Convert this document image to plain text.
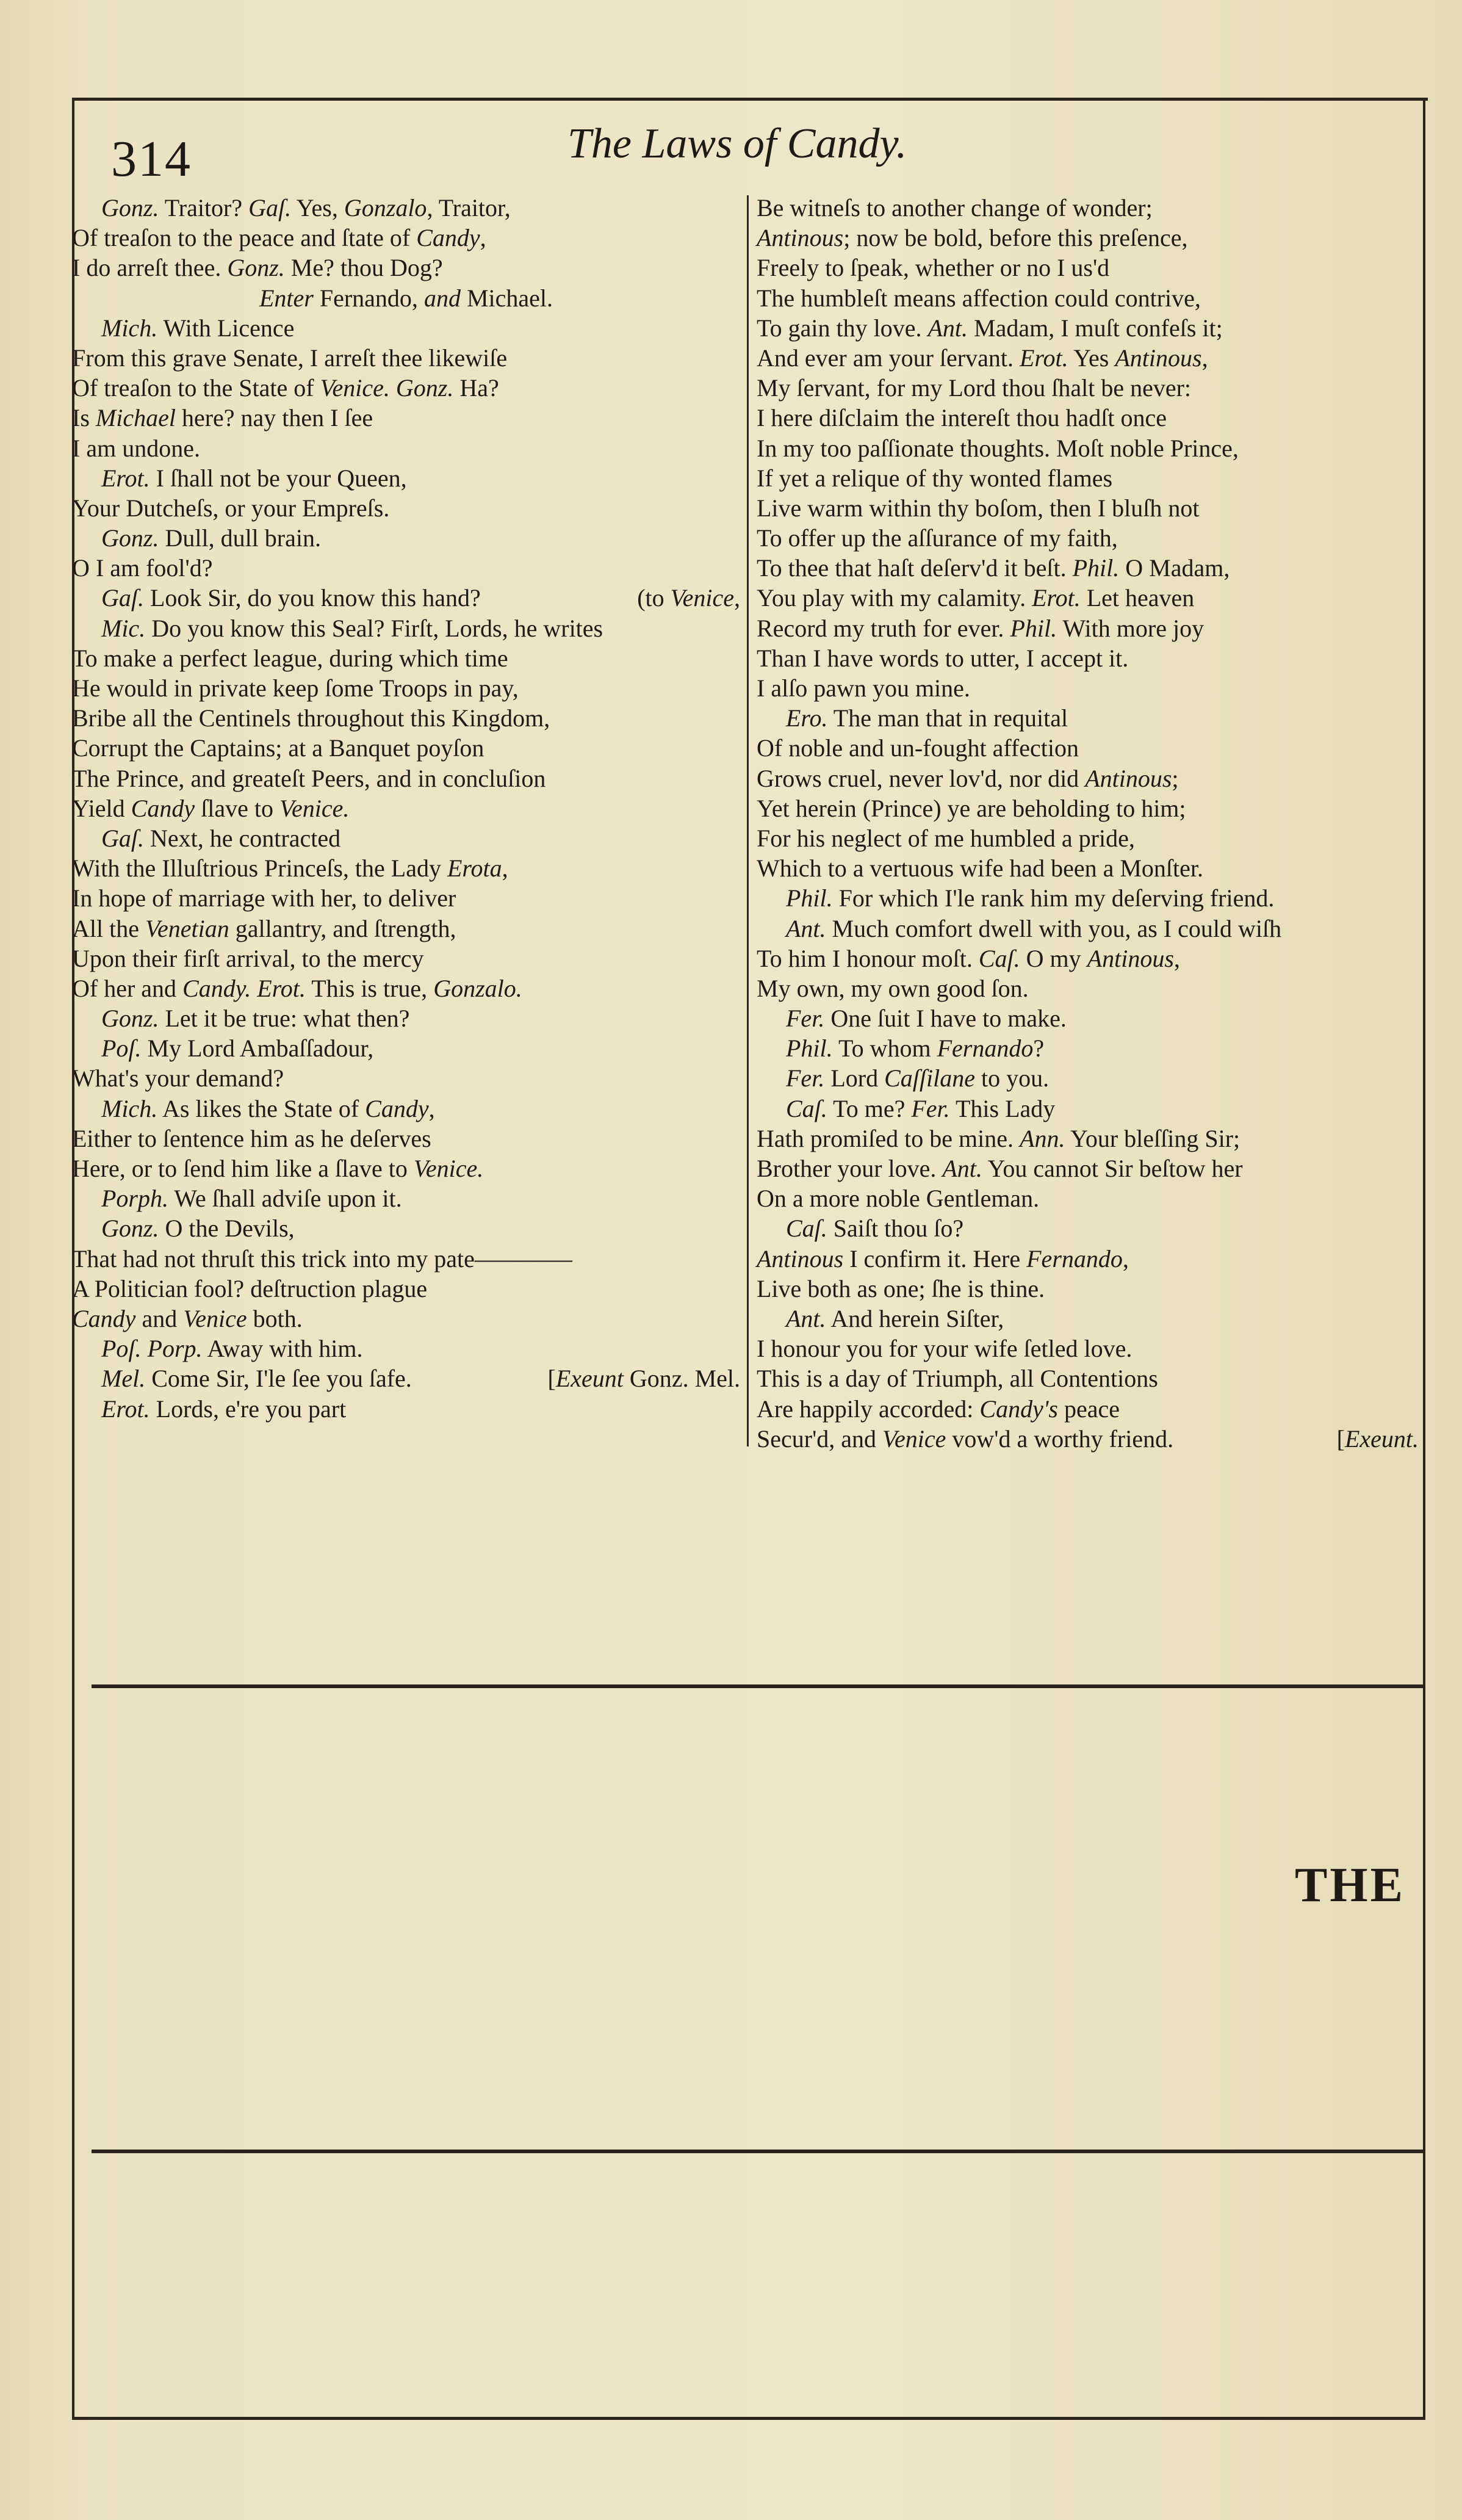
314	The Laws of Candy.
Gonz. Traitor? Gaſ. Yes, Gonzalo, Traitor,
Of treaſon to the peace and ſtate of Candy,
I do arreſt thee. Gonz. Me? thou Dog?
Enter Fernando, and Michael.
Mich. With Licence
From this grave Senate, I arreſt thee likewiſe
Of treaſon to the State of Venice. Gonz. Ha?
Is Michael here? nay then I ſee
I am undone.
Erot. I ſhall not be your Queen,
Your Dutcheſs, or your Empreſs.
Gonz. Dull, dull brain.
O I am fool'd?
Gaſ. Look Sir, do you know this hand?	(to Venice,
Mic. Do you know this Seal? Firſt, Lords, he writes
To make a perfect league, during which time
He would in private keep ſome Troops in pay,
Bribe all the Centinels throughout this Kingdom,
Corrupt the Captains; at a Banquet poyſon
The Prince, and greateſt Peers, and in concluſion
Yield Candy ſlave to Venice.
Gaſ. Next, he contracted
With the Illuſtrious Princeſs, the Lady Erota,
In hope of marriage with her, to deliver
All the Venetian gallantry, and ſtrength,
Upon their firſt arrival, to the mercy
Of her and Candy. Erot. This is true, Gonzalo.
Gonz. Let it be true: what then?
Poſ. My Lord Ambaſſadour,
What's your demand?
Mich. As likes the State of Candy,
Either to ſentence him as he deſerves
Here, or to ſend him like a ſlave to Venice.
Porph. We ſhall adviſe upon it.
Gonz. O the Devils,
That had not thruſt this trick into my pate————
A Politician fool? deſtruction plague
Candy and Venice both.
Poſ. Porp. Away with him.
Mel. Come Sir, I'le ſee you ſafe.	[Exeunt Gonz. Mel.
Erot. Lords, e're you part
Be witneſs to another change of wonder;
Antinous; now be bold, before this preſence,
Freely to ſpeak, whether or no I us'd
The humbleſt means affection could contrive,
To gain thy love. Ant. Madam, I muſt confeſs it;
And ever am your ſervant. Erot. Yes Antinous,
My ſervant, for my Lord thou ſhalt be never:
I here diſclaim the intereſt thou hadſt once
In my too paſſionate thoughts. Moſt noble Prince,
If yet a relique of thy wonted flames
Live warm within thy boſom, then I bluſh not
To offer up the aſſurance of my faith,
To thee that haſt deſerv'd it beſt. Phil. O Madam,
You play with my calamity. Erot. Let heaven
Record my truth for ever. Phil. With more joy
Than I have words to utter, I accept it.
I alſo pawn you mine.
Ero. The man that in requital
Of noble and un-fought affection
Grows cruel, never lov'd, nor did Antinous;
Yet herein (Prince) ye are beholding to him;
For his neglect of me humbled a pride,
Which to a vertuous wife had been a Monſter.
Phil. For which I'le rank him my deſerving friend.
Ant. Much comfort dwell with you, as I could wiſh
To him I honour moſt. Caſ. O my Antinous,
My own, my own good ſon.
Fer. One ſuit I have to make.
Phil. To whom Fernando?
Fer. Lord Caſſilane to you.
Caſ. To me? Fer. This Lady
Hath promiſed to be mine. Ann. Your bleſſing Sir;
Brother your love. Ant. You cannot Sir beſtow her
On a more noble Gentleman.
Caſ. Saiſt thou ſo?
Antinous I confirm it. Here Fernando,
Live both as one; ſhe is thine.
Ant. And herein Siſter,
I honour you for your wife ſetled love.
This is a day of Triumph, all Contentions
Are happily accorded: Candy's peace
Secur'd, and Venice vow'd a worthy friend.	[Exeunt.
THE
